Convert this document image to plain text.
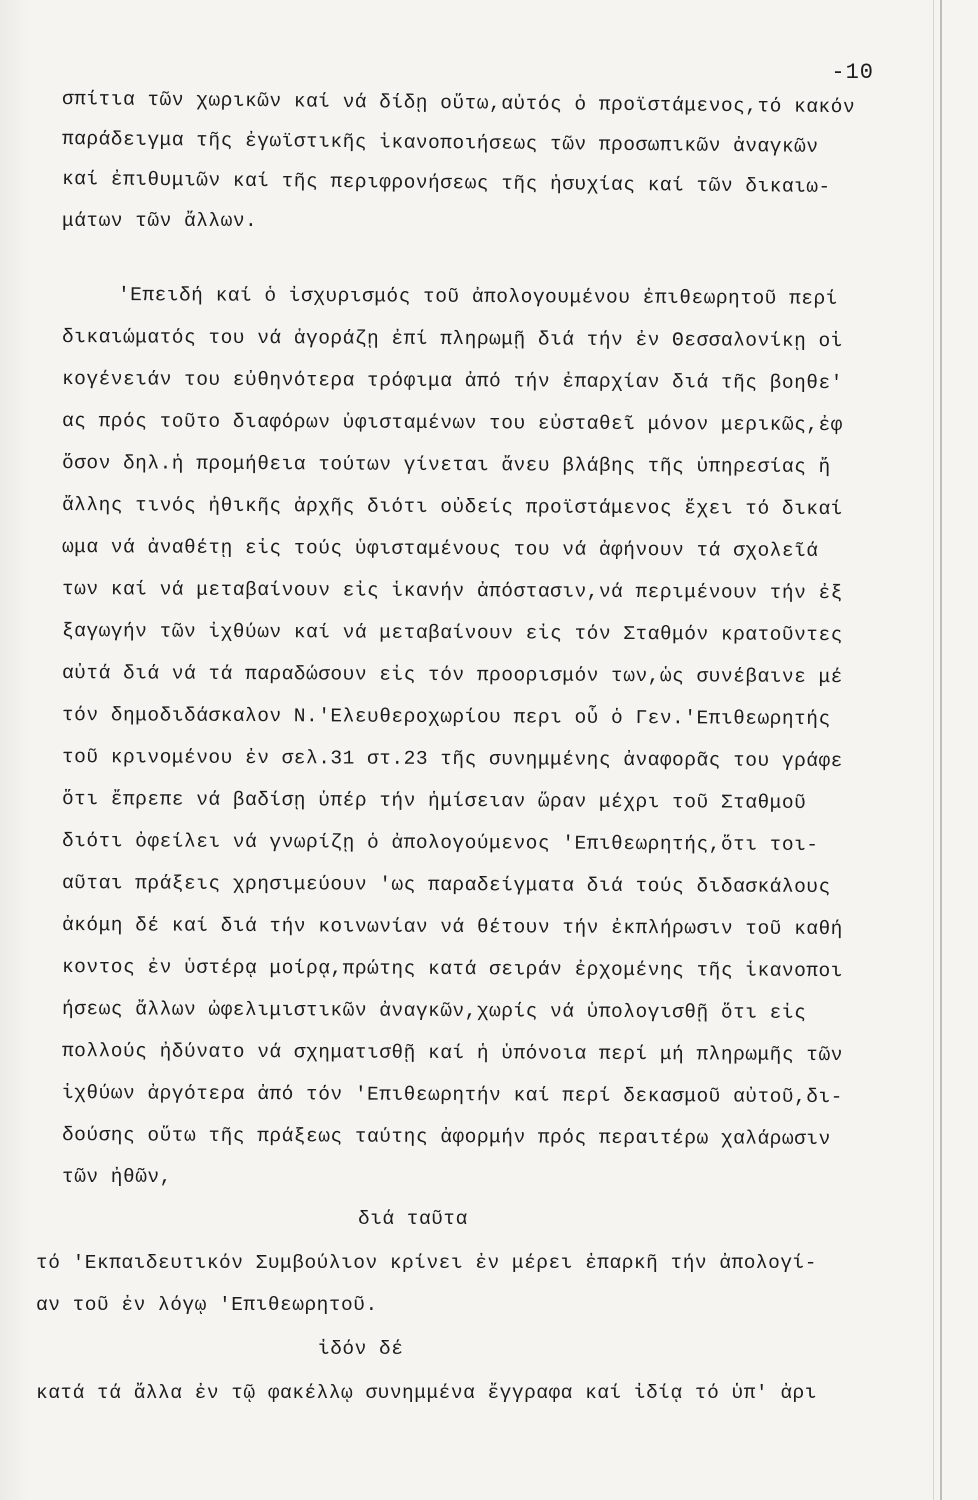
-10
σπίτια τῶν χωρικῶν καί νά δίδῃ οὕτω,αὐτός ὁ προϊστάμενος,τό κακόν
παράδειγμα τῆς ἐγωϊστικῆς ἱκανοποιήσεως τῶν προσωπικῶν ἀναγκῶν
καί ἐπιθυμιῶν καί τῆς περιφρονήσεως τῆς ἡσυχίας καί τῶν δικαιω-
μάτων τῶν ἄλλων.
'Επειδή καί ὁ ἰσχυρισμός τοῦ ἀπολογουμένου ἐπιθεωρητοῦ περί
δικαιώματός του νά ἀγοράζῃ ἐπί πληρωμῇ διά τήν ἐν Θεσσαλονίκῃ οἱ
κογένειάν του εὐθηνότερα τρόφιμα ἀπό τήν ἐπαρχίαν διά τῆς βοηθε'
ας πρός τοῦτο διαφόρων ὑφισταμένων του εὐσταθεῖ μόνον μερικῶς,ἐφ
ὅσον δηλ.ἡ προμήθεια τούτων γίνεται ἄνευ βλάβης τῆς ὑπηρεσίας ἤ
ἄλλης τινός ἠθικῆς ἀρχῆς διότι οὐδείς προϊστάμενος ἔχει τό δικαί
ωμα νά ἀναθέτῃ εἰς τούς ὑφισταμένους του νά ἀφήνουν τά σχολεῖά
των καί νά μεταβαίνουν εἰς ἱκανήν ἀπόστασιν,νά περιμένουν τήν ἐξ
ξαγωγήν τῶν ἰχθύων καί νά μεταβαίνουν εἰς τόν Σταθμόν κρατοῦντες
αὐτά διά νά τά παραδώσουν εἰς τόν προορισμόν των,ὡς συνέβαινε μέ
τόν δημοδιδάσκαλον Ν.'Ελευθεροχωρίου περι οὗ ὁ Γεν.'Επιθεωρητής
τοῦ κρινομένου ἐν σελ.31 στ.23 τῆς συνημμένης ἀναφορᾶς του γράφε
ὅτι ἔπρεπε νά βαδίσῃ ὑπέρ τήν ἡμίσειαν ὥραν μέχρι τοῦ Σταθμοῦ
διότι ὀφείλει νά γνωρίζῃ ὁ ἀπολογούμενος 'Επιθεωρητής,ὅτι τοι-
αῦται πράξεις χρησιμεύουν 'ως παραδείγματα διά τούς διδασκάλους
ἀκόμη δέ καί διά τήν κοινωνίαν νά θέτουν τήν ἐκπλήρωσιν τοῦ καθή
κοντος ἐν ὑστέρᾳ μοίρᾳ,πρώτης κατά σειράν ἐρχομένης τῆς ἱκανοποι
ήσεως ἄλλων ὠφελιμιστικῶν ἀναγκῶν,χωρίς νά ὑπολογισθῇ ὅτι εἰς
πολλούς ἠδύνατο νά σχηματισθῇ καί ἡ ὑπόνοια περί μή πληρωμῆς τῶν
ἰχθύων ἀργότερα ἀπό τόν 'Επιθεωρητήν καί περί δεκασμοῦ αὐτοῦ,δι-
δούσης οὕτω τῆς πράξεως ταύτης ἀφορμήν πρός περαιτέρω χαλάρωσιν
τῶν ἠθῶν,
διά ταῦτα
τό 'Εκπαιδευτικόν Συμβούλιον κρίνει ἐν μέρει ἐπαρκῆ τήν ἀπολογί-
αν τοῦ ἐν λόγῳ 'Επιθεωρητοῦ.
ἰδόν δέ
κατά τά ἄλλα ἐν τῷ φακέλλῳ συνημμένα ἔγγραφα καί ἰδίᾳ τό ὑπ' ἀρι
